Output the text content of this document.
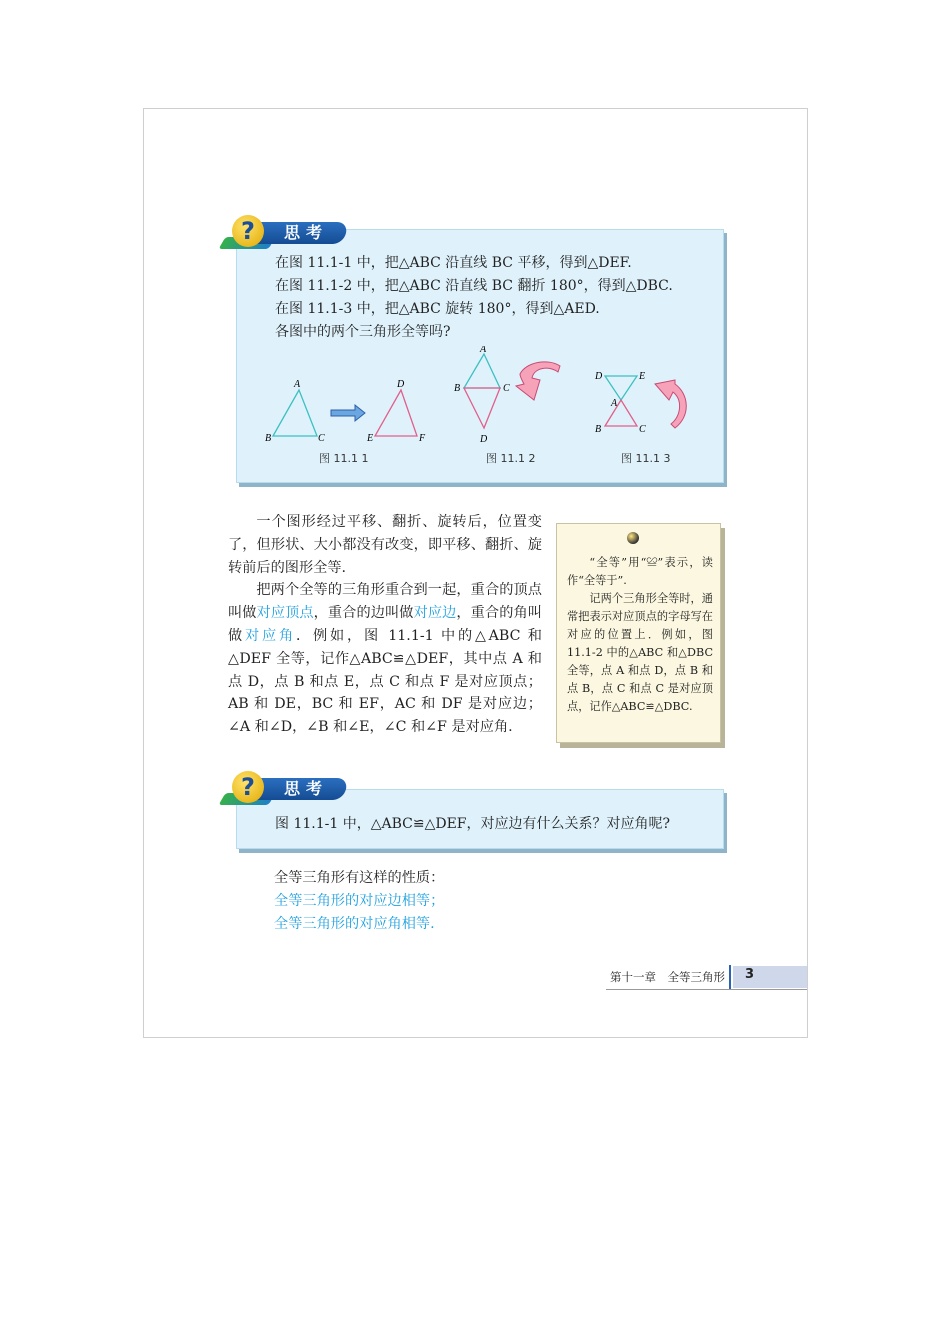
在图 11.1-1 中，把△ABC 沿直线 BC 平移，得到△DEF.
在图 11.1-2 中，把△ABC 沿直线 BC 翻折 180°，得到△DBC.
在图 11.1-3 中，把△ABC 旋转 180°，得到△AED.
各图中的两个三角形全等吗?
A
B	C
D
E	F
图 11.1 1
A
B	C
D
图 11.1 2
D	E
A
B	C
图 11.1 3
?	思考

一个图形经过平移、翻折、旋转后，位置变了，但形状、大小都没有改变，即平移、翻折、旋转前后的图形全等.

把两个全等的三角形重合到一起，重合的顶点叫做对应顶点，重合的边叫做对应边，重合的角叫做对应角．例如，图 11.1-1 中的△ABC 和△DEF 全等，记作△ABC≌△DEF，其中点 A 和点 D，点 B 和点 E，点 C 和点 F 是对应顶点；AB 和 DE，BC 和 EF，AC 和 DF 是对应边；∠A 和∠D，∠B 和∠E，∠C 和∠F 是对应角.

“全等”用“≌”表示，读作“全等于”.

记两个三角形全等时，通常把表示对应顶点的字母写在对应的位置上．例如，图 11.1-2 中的△ABC 和△DBC 全等，点 A 和点 D，点 B 和点 B，点 C 和点 C 是对应顶点，记作△ABC≌△DBC.

图 11.1-1 中，△ABC≌△DEF，对应边有什么关系？对应角呢?
?	思考
全等三角形有这样的性质：
全等三角形的对应边相等；
全等三角形的对应角相等.
第十一章　全等三角形 3
